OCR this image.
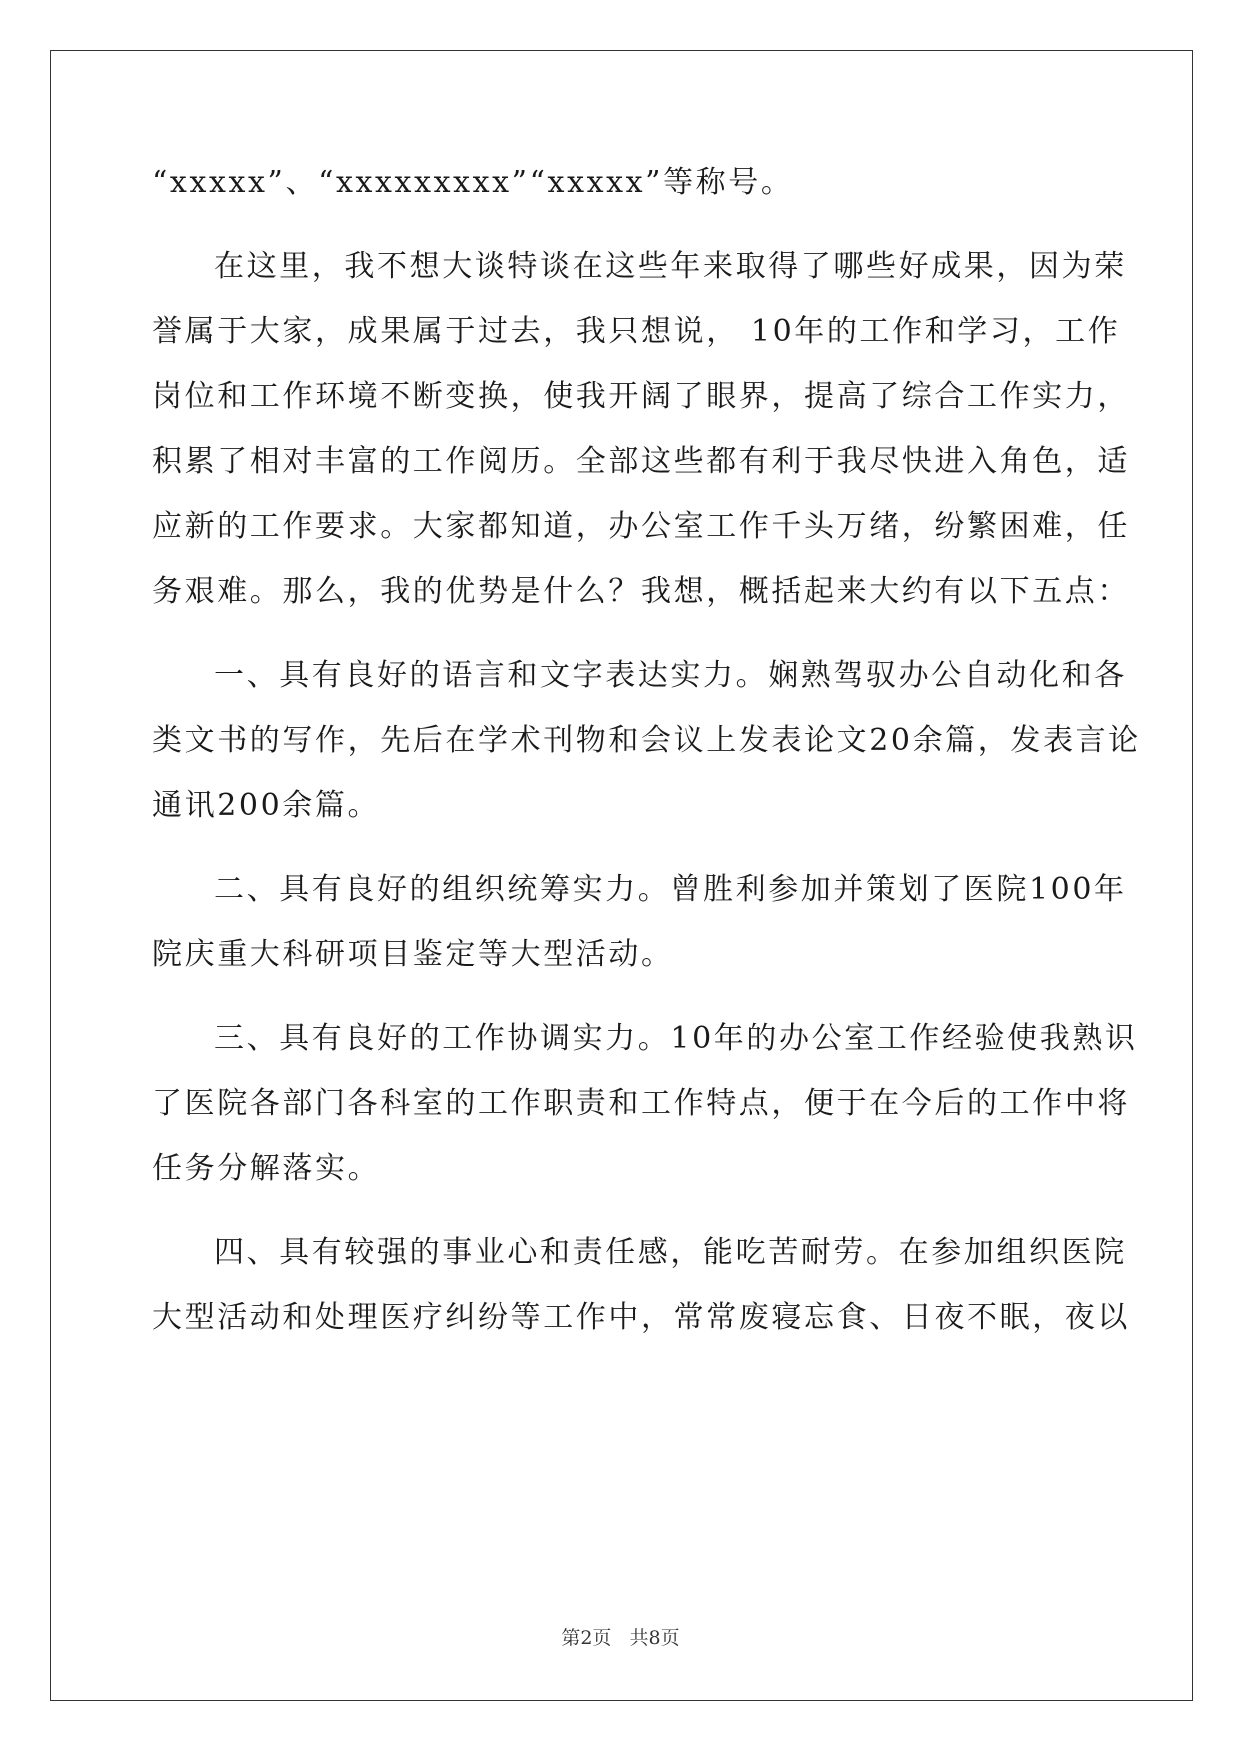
“xxxxx”、“xxxxxxxxx”“xxxxx”等称号。
在这里，我不想大谈特谈在这些年来取得了哪些好成果，因为荣
誉属于大家，成果属于过去，我只想说， 10年的工作和学习，工作
岗位和工作环境不断变换，使我开阔了眼界，提高了综合工作实力，
积累了相对丰富的工作阅历。全部这些都有利于我尽快进入角色，适
应新的工作要求。大家都知道，办公室工作千头万绪，纷繁困难，任
务艰难。那么，我的优势是什么？我想，概括起来大约有以下五点：
一、具有良好的语言和文字表达实力。娴熟驾驭办公自动化和各
类文书的写作，先后在学术刊物和会议上发表论文20余篇，发表言论
通讯200余篇。
二、具有良好的组织统筹实力。曾胜利参加并策划了医院100年
院庆重大科研项目鉴定等大型活动。
三、具有良好的工作协调实力。10年的办公室工作经验使我熟识
了医院各部门各科室的工作职责和工作特点，便于在今后的工作中将
任务分解落实。
四、具有较强的事业心和责任感，能吃苦耐劳。在参加组织医院
大型活动和处理医疗纠纷等工作中，常常废寝忘食、日夜不眠，夜以
第2页   共8页
